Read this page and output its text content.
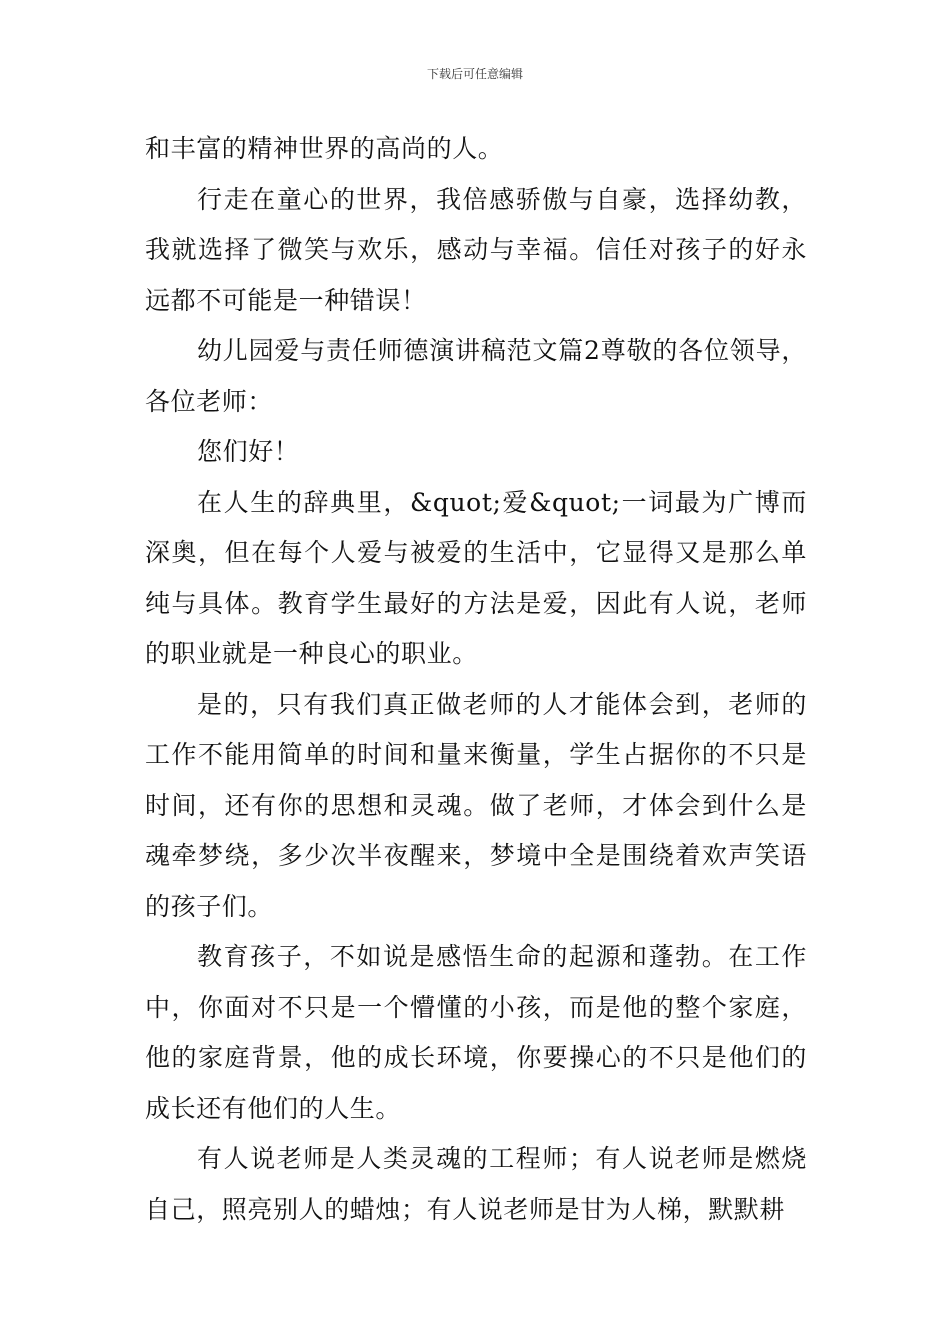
下载后可任意编辑

和丰富的精神世界的高尚的人。

行走在童心的世界，我倍感骄傲与自豪，选择幼教，我就选择了微笑与欢乐，感动与幸福。信任对孩子的好永远都不可能是一种错误！

幼儿园爱与责任师德演讲稿范文篇2尊敬的各位领导，各位老师：

您们好！

在人生的辞典里，&quot;爱&quot;一词最为广博而深奥，但在每个人爱与被爱的生活中，它显得又是那么单纯与具体。教育学生最好的方法是爱，因此有人说，老师的职业就是一种良心的职业。

是的，只有我们真正做老师的人才能体会到，老师的工作不能用简单的时间和量来衡量，学生占据你的不只是时间，还有你的思想和灵魂。做了老师，才体会到什么是魂牵梦绕，多少次半夜醒来，梦境中全是围绕着欢声笑语的孩子们。

教育孩子，不如说是感悟生命的起源和蓬勃。在工作中，你面对不只是一个懵懂的小孩，而是他的整个家庭，他的家庭背景，他的成长环境，你要操心的不只是他们的成长还有他们的人生。

有人说老师是人类灵魂的工程师；有人说老师是燃烧自己，照亮别人的蜡烛；有人说老师是甘为人梯，默默耕
